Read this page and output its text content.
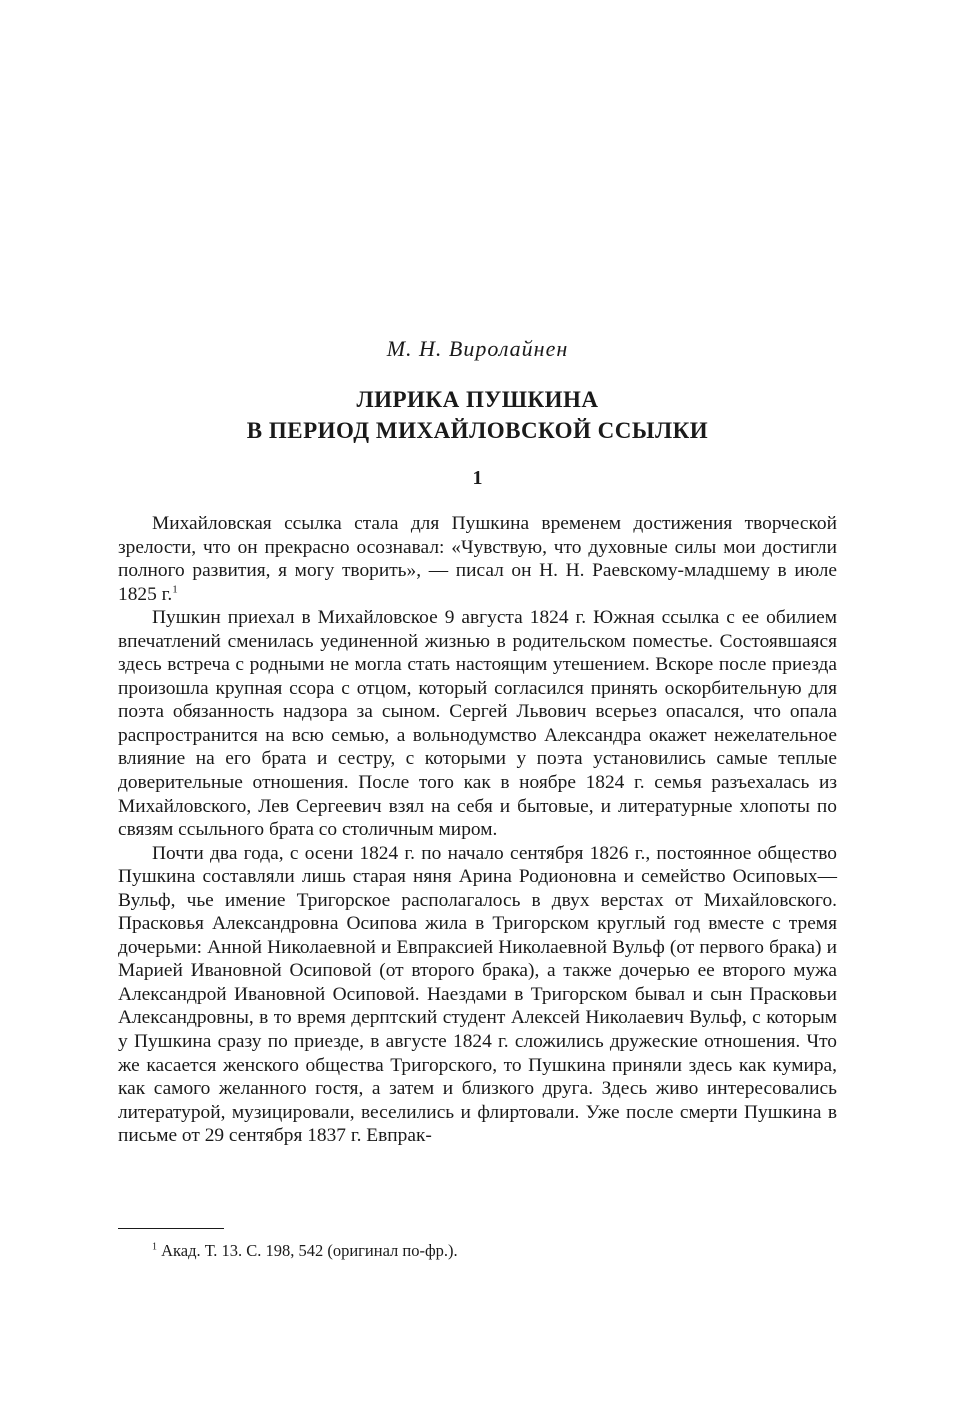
М. Н. Виролайнен
ЛИРИКА ПУШКИНА
В ПЕРИОД МИХАЙЛОВСКОЙ ССЫЛКИ
1

Михайловская ссылка стала для Пушкина временем достижения творческой зрелости, что он прекрасно осознавал: «Чувствую, что духовные силы мои достигли полного развития, я могу творить», — писал он Н. Н. Раевскому-младшему в июле 1825 г.$^1$

Пушкин приехал в Михайловское 9 августа 1824 г. Южная ссылка с ее обилием впечатлений сменилась уединенной жизнью в родительском поместье. Состоявшаяся здесь встреча с родными не могла стать настоящим утешением. Вскоре после приезда произошла крупная ссора с отцом, который согласился принять оскорбительную для поэта обязанность надзора за сыном. Сергей Львович всерьез опасался, что опала распространится на всю семью, а вольнодумство Александра окажет нежелательное влияние на его брата и сестру, с которыми у поэта установились самые теплые доверительные отношения. После того как в ноябре 1824 г. семья разъехалась из Михайловского, Лев Сергеевич взял на себя и бытовые, и литературные хлопоты по связям ссыльного брата со столичным миром.

Почти два года, с осени 1824 г. по начало сентября 1826 г., постоянное общество Пушкина составляли лишь старая няня Арина Родионовна и семейство Осиповых—Вульф, чье имение Тригорское располагалось в двух верстах от Михайловского. Прасковья Александровна Осипова жила в Тригорском круглый год вместе с тремя дочерьми: Анной Николаевной и Евпраксией Николаевной Вульф (от первого брака) и Марией Ивановной Осиповой (от второго брака), а также дочерью ее второго мужа Александрой Ивановной Осиповой. Наездами в Тригорском бывал и сын Прасковьи Александровны, в то время дерптский студент Алексей Николаевич Вульф, с которым у Пушкина сразу по приезде, в августе 1824 г. сложились дружеские отношения. Что же касается женского общества Тригорского, то Пушкина приняли здесь как кумира, как самого желанного гостя, а затем и близкого друга. Здесь живо интересовались литературой, музицировали, веселились и флиртовали. Уже после смерти Пушкина в письме от 29 сентября 1837 г. Евпрак-

$^1$ Акад. Т. 13. С. 198, 542 (оригинал по-фр.).
